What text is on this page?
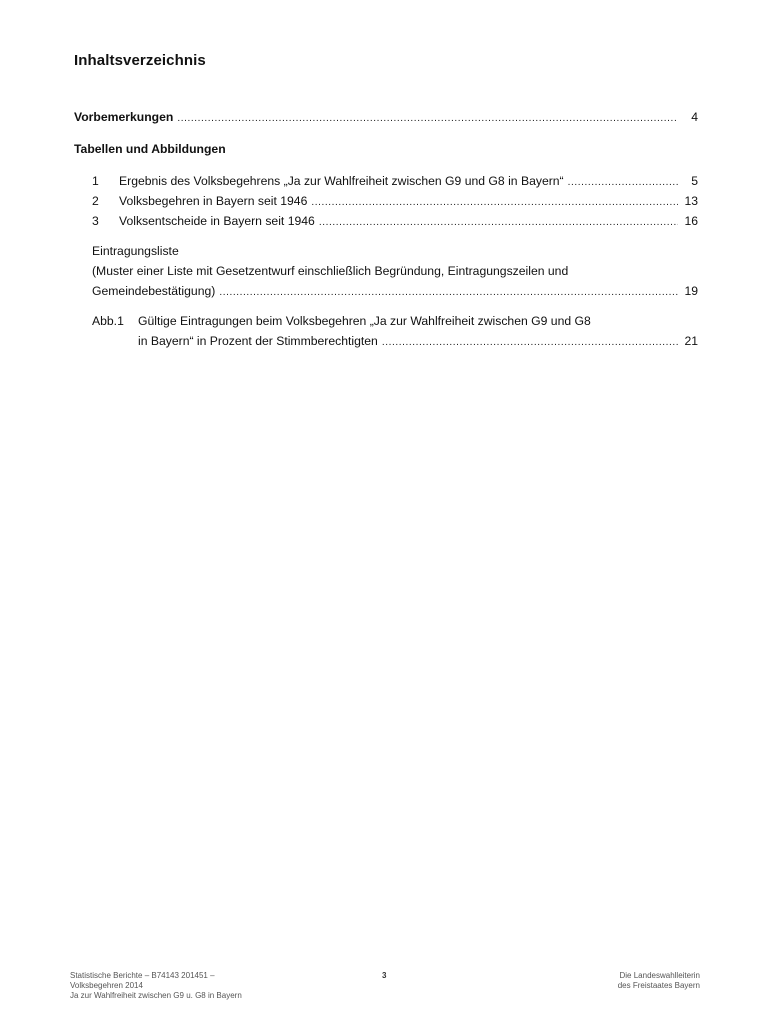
Inhaltsverzeichnis
Vorbemerkungen .....	4
Tabellen und Abbildungen
1	Ergebnis des Volksbegehrens „Ja zur Wahlfreiheit zwischen G9 und G8 in Bayern“ .....	5
2	Volksbegehren in Bayern seit 1946 .....	13
3	Volksentscheide in Bayern seit 1946 .....	16
Eintragungsliste
(Muster einer Liste mit Gesetzentwurf einschließlich Begründung, Eintragungszeilen und
Gemeindebestätigung) .....	19
Abb.1 Gültige Eintragungen beim Volksbegehren „Ja zur Wahlfreiheit zwischen G9 und G8
in Bayern“ in Prozent der Stimmberechtigten .....	21
Statistische Berichte – B74143 201451 –
Volksbegehren 2014
Ja zur Wahlfreiheit zwischen G9 u. G8 in Bayern
3	Die Landeswahlleiterin
des Freistaates Bayern
